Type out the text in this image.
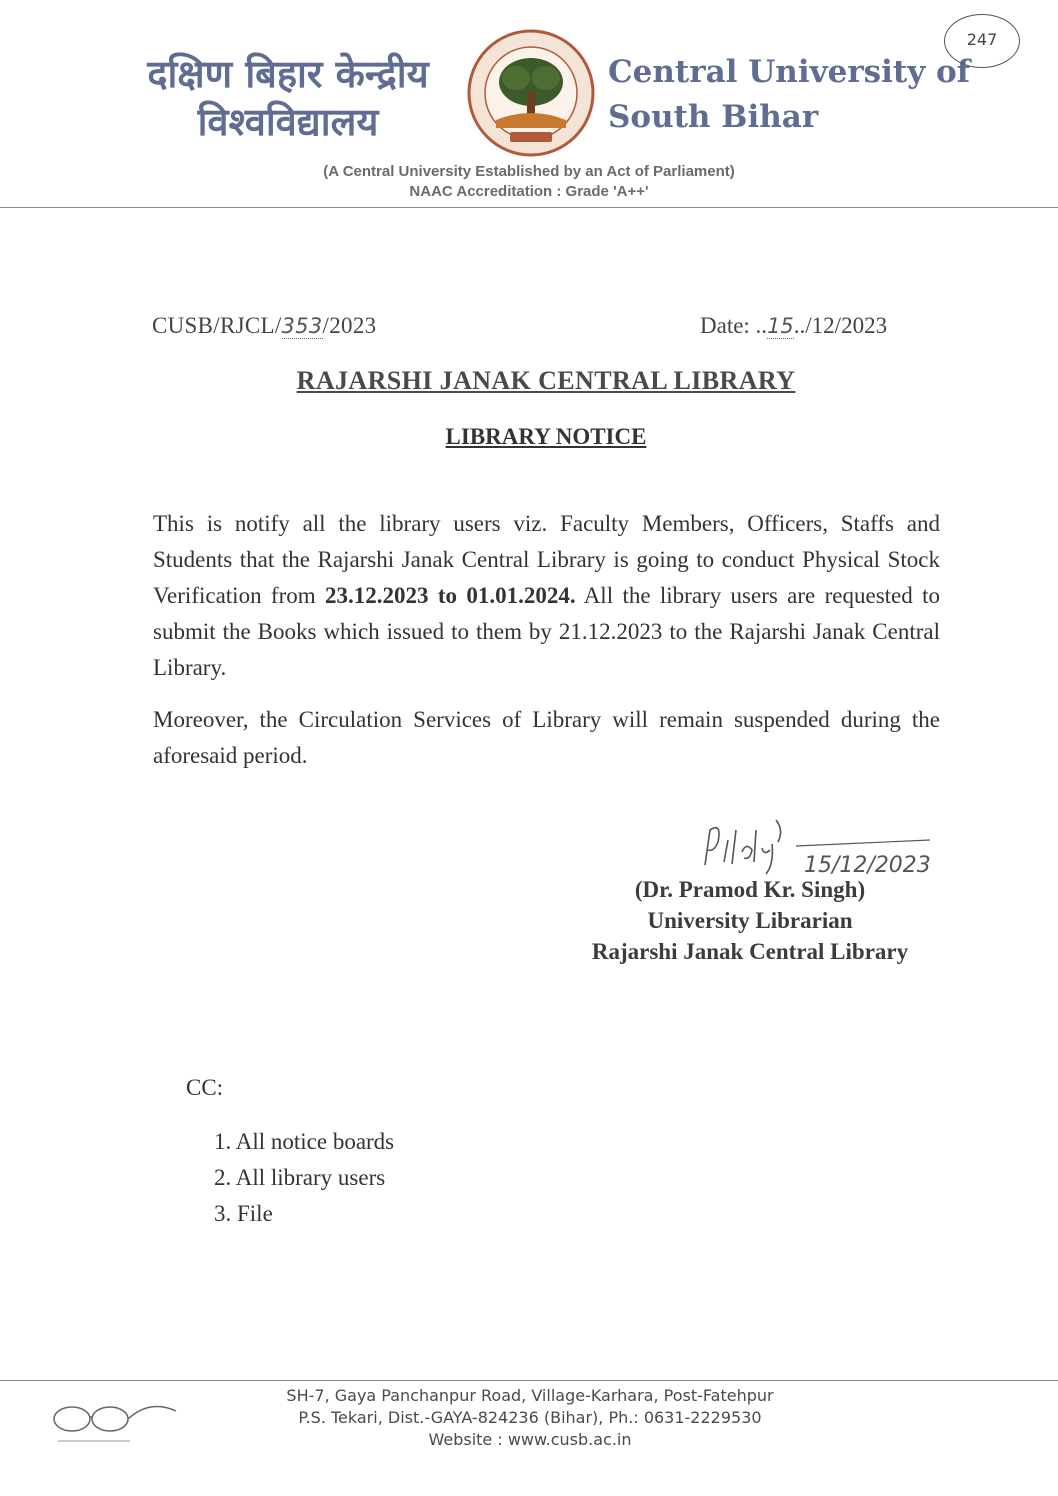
दक्षिण बिहार केन्द्रीय
विश्वविद्यालय
Central University of
South Bihar
247
(A Central University Established by an Act of Parliament)
NAAC Accreditation : Grade 'A++'
CUSB/RJCL/353/2023	Date: ..15../12/2023
RAJARSHI JANAK CENTRAL LIBRARY
LIBRARY NOTICE
This is notify all the library users viz. Faculty Members, Officers, Staffs and Students that the Rajarshi Janak Central Library is going to conduct Physical Stock Verification from 23.12.2023 to 01.01.2024. All the library users are requested to submit the Books which issued to them by 21.12.2023 to the Rajarshi Janak Central Library.
Moreover, the Circulation Services of Library will remain suspended during the aforesaid period.
15/12/2023
(Dr. Pramod Kr. Singh)
University Librarian
Rajarshi Janak Central Library
CC:
1. All notice boards
2. All library users
3. File
SH-7, Gaya Panchanpur Road, Village-Karhara, Post-Fatehpur
P.S. Tekari, Dist.-GAYA-824236 (Bihar), Ph.: 0631-2229530
Website : www.cusb.ac.in
